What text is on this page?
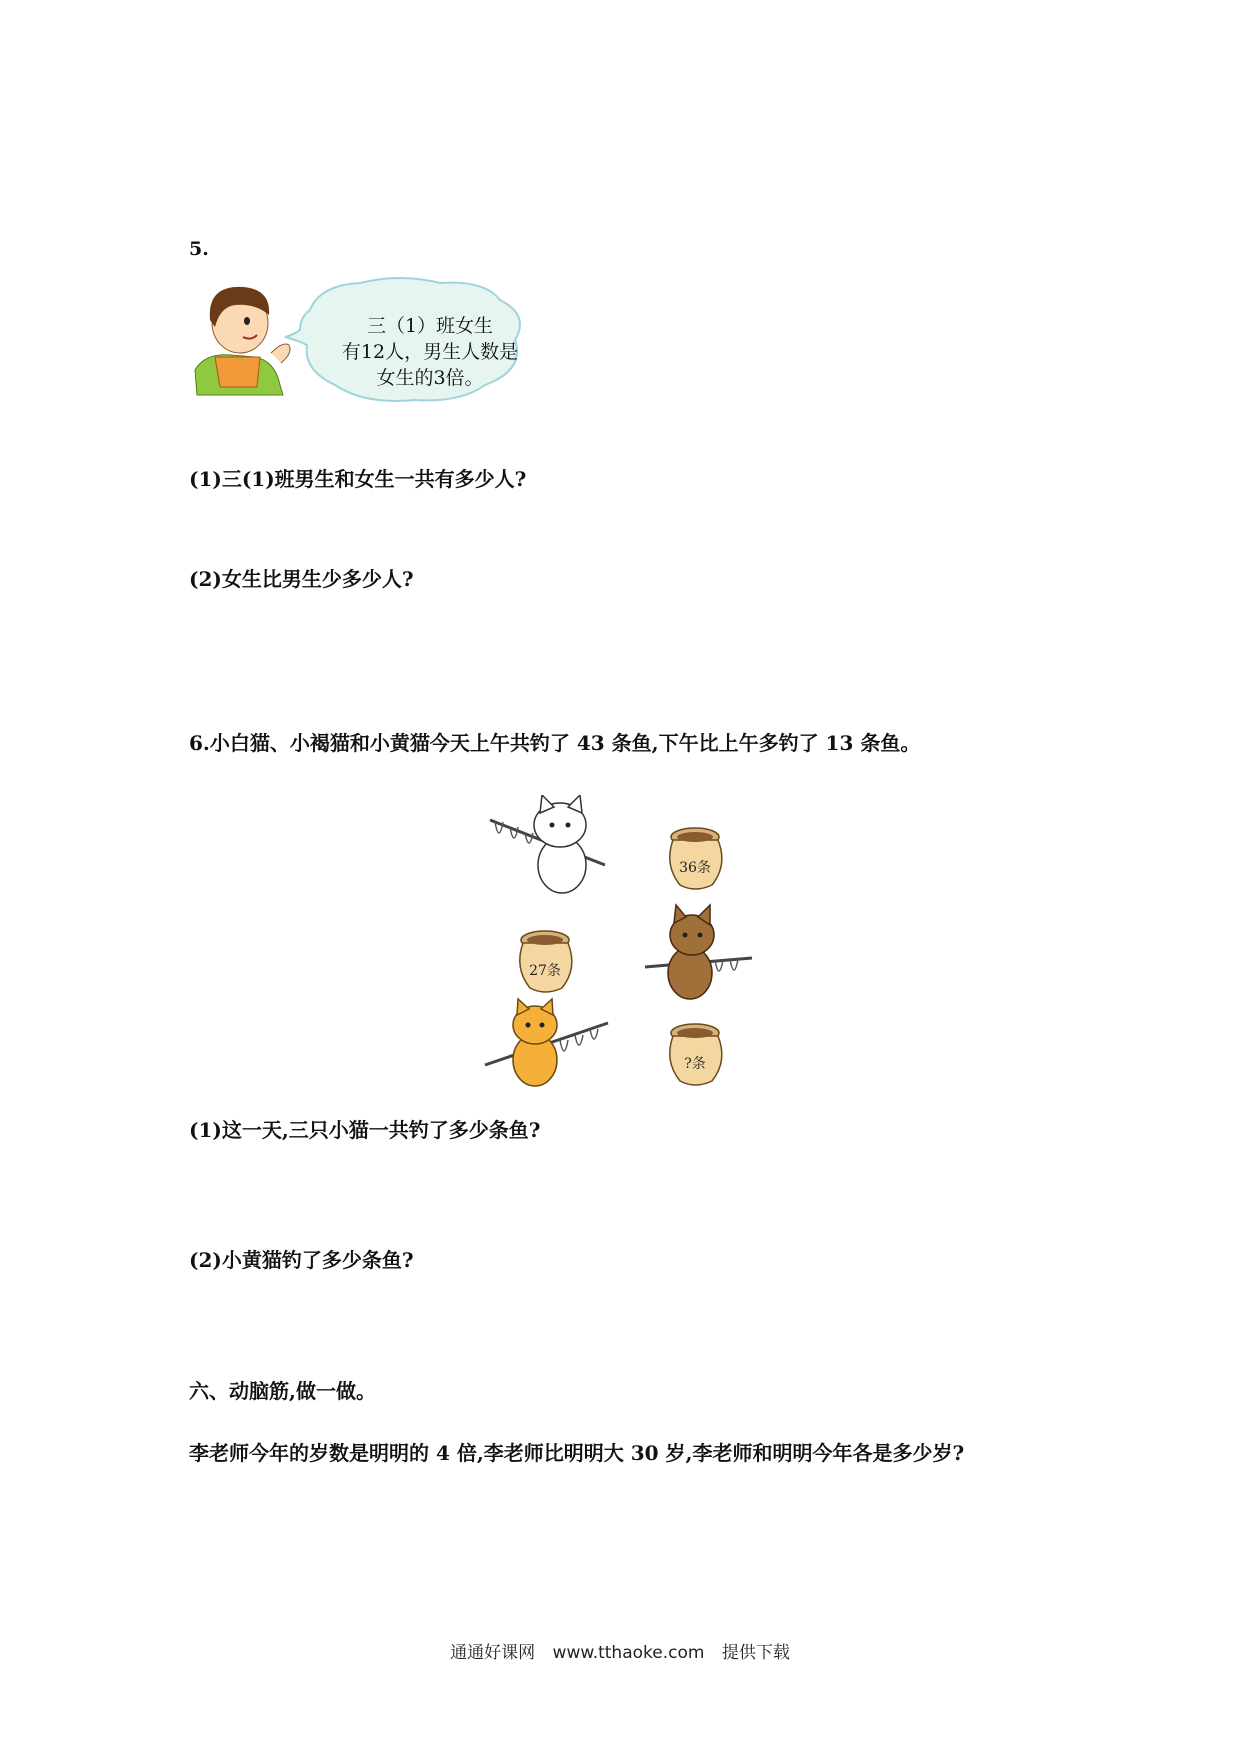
5.
三（1）班女生
有12人，男生人数是
女生的3倍。
(1)三(1)班男生和女生一共有多少人?
(2)女生比男生少多少人?
6.小白猫、小褐猫和小黄猫今天上午共钓了 43 条鱼,下午比上午多钓了 13 条鱼。
36条
27条
?条
(1)这一天,三只小猫一共钓了多少条鱼?
(2)小黄猫钓了多少条鱼?
六、动脑筋,做一做。
李老师今年的岁数是明明的 4 倍,李老师比明明大 30 岁,李老师和明明今年各是多少岁?
通通好课网 www.tthaoke.com 提供下载
